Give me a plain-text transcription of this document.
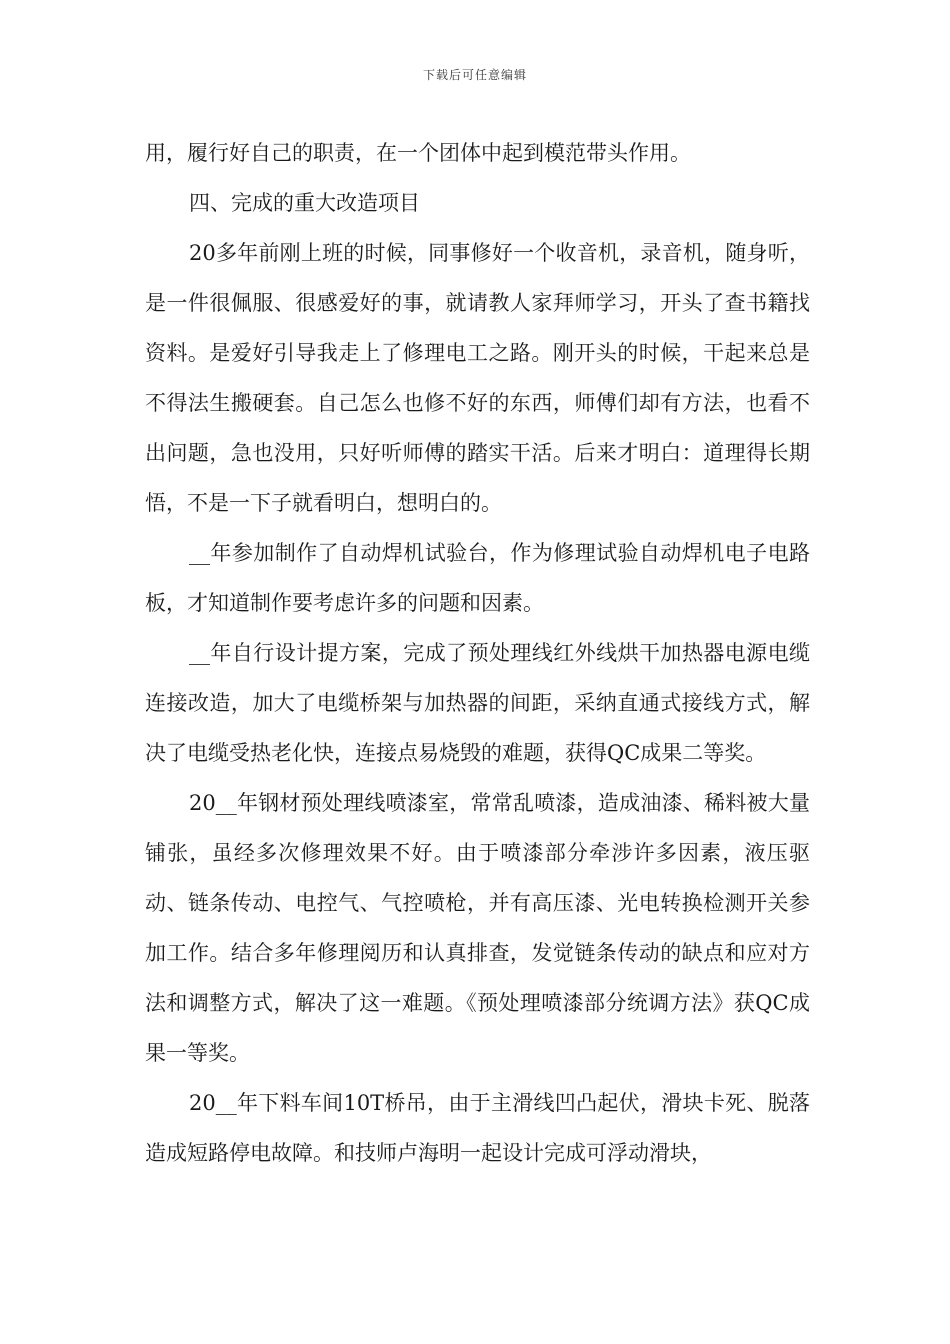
下载后可任意编辑

用，履行好自己的职责，在一个团体中起到模范带头作用。

四、完成的重大改造项目

20多年前刚上班的时候，同事修好一个收音机，录音机，随身听，是一件很佩服、很感爱好的事，就请教人家拜师学习，开头了查书籍找资料。是爱好引导我走上了修理电工之路。刚开头的时候，干起来总是不得法生搬硬套。自己怎么也修不好的东西，师傅们却有方法，也看不出问题，急也没用，只好听师傅的踏实干活。后来才明白：道理得长期悟，不是一下子就看明白，想明白的。

__年参加制作了自动焊机试验台，作为修理试验自动焊机电子电路板，才知道制作要考虑许多的问题和因素。

__年自行设计提方案，完成了预处理线红外线烘干加热器电源电缆连接改造，加大了电缆桥架与加热器的间距，采纳直通式接线方式，解决了电缆受热老化快，连接点易烧毁的难题，获得QC成果二等奖。

20__年钢材预处理线喷漆室，常常乱喷漆，造成油漆、稀料被大量铺张，虽经多次修理效果不好。由于喷漆部分牵涉许多因素，液压驱动、链条传动、电控气、气控喷枪，并有高压漆、光电转换检测开关参加工作。结合多年修理阅历和认真排查，发觉链条传动的缺点和应对方法和调整方式，解决了这一难题。《预处理喷漆部分统调方法》获QC成果一等奖。

20__年下料车间10T桥吊，由于主滑线凹凸起伏，滑块卡死、脱落造成短路停电故障。和技师卢海明一起设计完成可浮动滑块，
